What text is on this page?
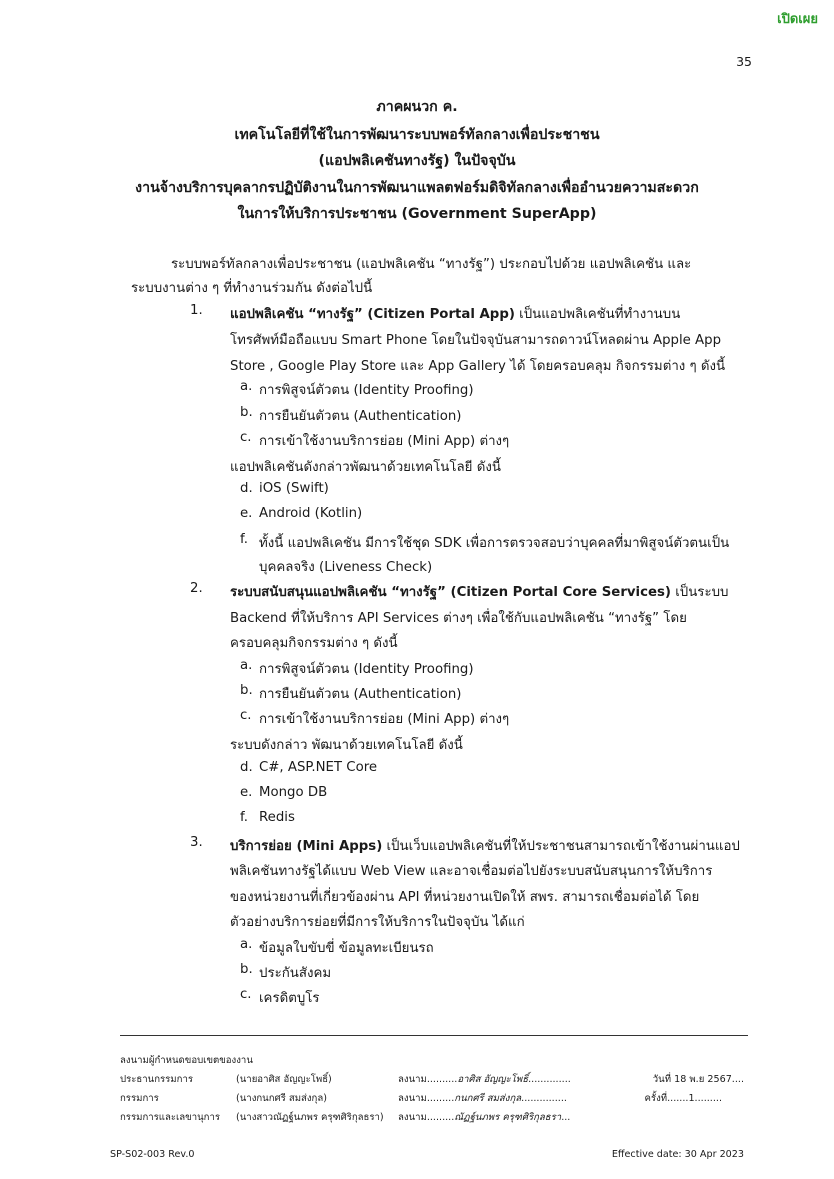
เปิดเผย
35
ภาคผนวก ค.
เทคโนโลยีที่ใช้ในการพัฒนาระบบพอร์ทัลกลางเพื่อประชาชน
(แอปพลิเคชันทางรัฐ) ในปัจจุบัน
งานจ้างบริการบุคลากรปฏิบัติงานในการพัฒนาแพลตฟอร์มดิจิทัลกลางเพื่ออำนวยความสะดวก
ในการให้บริการประชาชน (Government SuperApp)
ระบบพอร์ทัลกลางเพื่อประชาชน (แอปพลิเคชัน “ทางรัฐ”) ประกอบไปด้วย แอปพลิเคชัน และ
ระบบงานต่าง ๆ ที่ทำงานร่วมกัน ดังต่อไปนี้
1. แอปพลิเคชัน “ทางรัฐ” (Citizen Portal App) เป็นแอปพลิเคชันที่ทำงานบน
โทรศัพท์มือถือแบบ Smart Phone โดยในปัจจุบันสามารถดาวน์โหลดผ่าน Apple App
Store , Google Play Store และ App Gallery ได้ โดยครอบคลุม กิจกรรมต่าง ๆ ดังนี้
a. การพิสูจน์ตัวตน (Identity Proofing)
b. การยืนยันตัวตน (Authentication)
c. การเข้าใช้งานบริการย่อย (Mini App) ต่างๆ
แอปพลิเคชันดังกล่าวพัฒนาด้วยเทคโนโลยี ดังนี้
d. iOS (Swift)
e. Android (Kotlin)
f. ทั้งนี้ แอปพลิเคชัน มีการใช้ชุด SDK เพื่อการตรวจสอบว่าบุคคลที่มาพิสูจน์ตัวตนเป็น
บุคคลจริง (Liveness Check)
2. ระบบสนับสนุนแอปพลิเคชัน “ทางรัฐ” (Citizen Portal Core Services) เป็นระบบ
Backend ที่ให้บริการ API Services ต่างๆ เพื่อใช้กับแอปพลิเคชัน “ทางรัฐ” โดย
ครอบคลุมกิจกรรมต่าง ๆ ดังนี้
a. การพิสูจน์ตัวตน (Identity Proofing)
b. การยืนยันตัวตน (Authentication)
c. การเข้าใช้งานบริการย่อย (Mini App) ต่างๆ
ระบบดังกล่าว พัฒนาด้วยเทคโนโลยี ดังนี้
d. C#, ASP.NET Core
e. Mongo DB
f. Redis
3. บริการย่อย (Mini Apps) เป็นเว็บแอปพลิเคชันที่ให้ประชาชนสามารถเข้าใช้งานผ่านแอป
พลิเคชันทางรัฐได้แบบ Web View และอาจเชื่อมต่อไปยังระบบสนับสนุนการให้บริการ
ของหน่วยงานที่เกี่ยวข้องผ่าน API ที่หน่วยงานเปิดให้ สพร. สามารถเชื่อมต่อได้ โดย
ตัวอย่างบริการย่อยที่มีการให้บริการในปัจจุบัน ได้แก่
a. ข้อมูลใบขับขี่ ข้อมูลทะเบียนรถ
b. ประกันสังคม
c. เครดิตบูโร
ลงนามผู้กำหนดขอบเขตของงาน
ประธานกรรมการ	(นายอาศิส อัญญะโพธิ์)	ลงนาม..........อาศิส อัญญะโพธิ์..............	วันที่ 18 พ.ย 2567....
กรรมการ	(นางกนกศรี สมส่งกุล)	ลงนาม.........กนกศรี สมส่งกุล...............	ครั้งที่.......1.........
กรรมการและเลขานุการ (นางสาวณัฏฐ์นภพร ครุฑศิริกุลธรา) ลงนาม.........ณัฏฐ์นภพร ครุฑศิริกุลธรา...
SP-S02-003 Rev.0	Effective date: 30 Apr 2023
